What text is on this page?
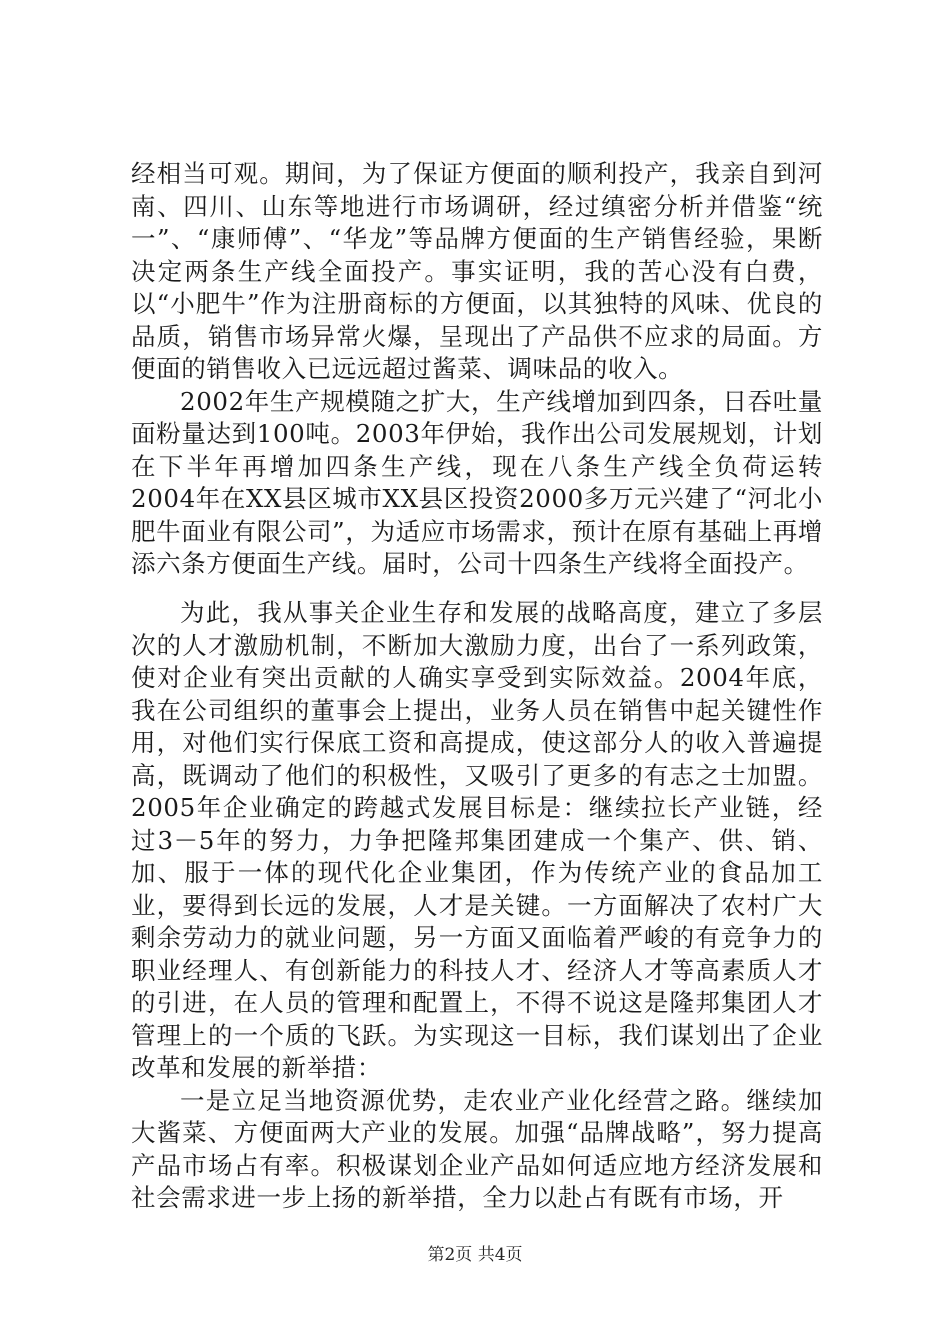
经相当可观。期间，为了保证方便面的顺利投产，我亲自到河南、四川、山东等地进行市场调研，经过缜密分析并借鉴“统一”、“康师傅”、“华龙”等品牌方便面的生产销售经验，果断决定两条生产线全面投产。事实证明，我的苦心没有白费，以“小肥牛”作为注册商标的方便面，以其独特的风味、优良的品质，销售市场异常火爆，呈现出了产品供不应求的局面。方便面的销售收入已远远超过酱菜、调味品的收入。

2002年生产规模随之扩大，生产线增加到四条，日吞吐量面粉量达到100吨。2003年伊始，我作出公司发展规划，计划在下半年再增加四条生产线，现在八条生产线全负荷运转2004年在XX县区城市XX县区投资2000多万元兴建了“河北小肥牛面业有限公司”，为适应市场需求，预计在原有基础上再增添六条方便面生产线。届时，公司十四条生产线将全面投产。

为此，我从事关企业生存和发展的战略高度，建立了多层次的人才激励机制，不断加大激励力度，出台了一系列政策，使对企业有突出贡献的人确实享受到实际效益。2004年底，我在公司组织的董事会上提出，业务人员在销售中起关键性作用，对他们实行保底工资和高提成，使这部分人的收入普遍提高，既调动了他们的积极性，又吸引了更多的有志之士加盟。2005年企业确定的跨越式发展目标是：继续拉长产业链，经过3－5年的努力，力争把隆邦集团建成一个集产、供、销、加、服于一体的现代化企业集团，作为传统产业的食品加工业，要得到长远的发展，人才是关键。一方面解决了农村广大剩余劳动力的就业问题，另一方面又面临着严峻的有竞争力的职业经理人、有创新能力的科技人才、经济人才等高素质人才的引进，在人员的管理和配置上，不得不说这是隆邦集团人才管理上的一个质的飞跃。为实现这一目标，我们谋划出了企业改革和发展的新举措：

一是立足当地资源优势，走农业产业化经营之路。继续加大酱菜、方便面两大产业的发展。加强“品牌战略”，努力提高产品市场占有率。积极谋划企业产品如何适应地方经济发展和社会需求进一步上扬的新举措，全力以赴占有既有市场，开

第2页 共4页
